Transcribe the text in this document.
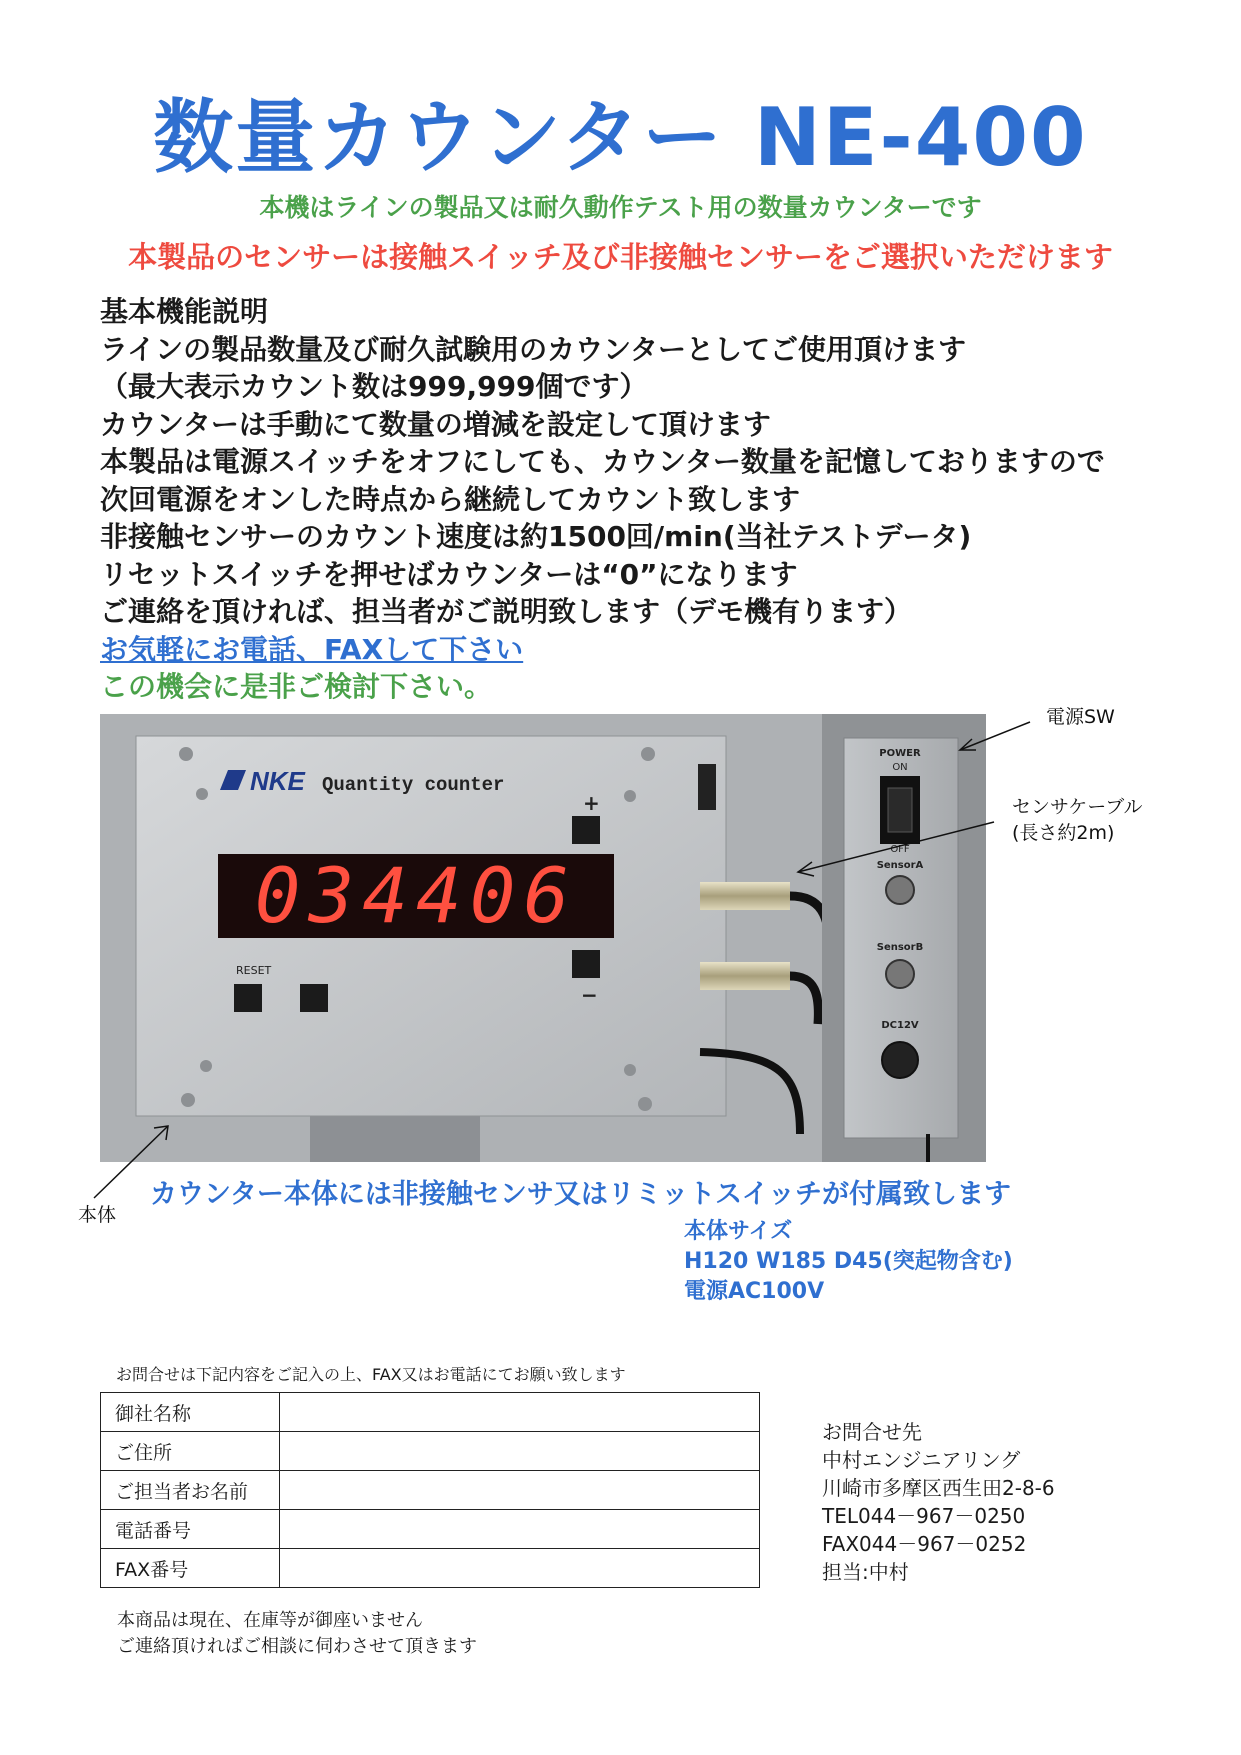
数量カウンター NE-400
本機はラインの製品又は耐久動作テスト用の数量カウンターです
本製品のセンサーは接触スイッチ及び非接触センサーをご選択いただけます
基本機能説明
ラインの製品数量及び耐久試験用のカウンターとしてご使用頂けます
（最大表示カウント数は999,999個です）
カウンターは手動にて数量の増減を設定して頂けます
本製品は電源スイッチをオフにしても、カウンター数量を記憶しておりますので
次回電源をオンした時点から継続してカウント致します
非接触センサーのカウント速度は約1500回/min(当社テストデータ)
リセットスイッチを押せばカウンターは“0”になります
ご連絡を頂ければ、担当者がご説明致します（デモ機有ります）
お気軽にお電話、FAXして下さい
この機会に是非ご検討下さい。
NKE Quantity counter
034406
+
−
RESET
POWER
ON
OFF
SensorA
SensorB
DC12V
電源SW
センサケーブル
(長さ約2m)
本体
カウンター本体には非接触センサ又はリミットスイッチが付属致します
本体サイズ
H120 W185 D45(突起物含む)
電源AC100V
お問合せは下記内容をご記入の上、FAX又はお電話にてお願い致します
御社名称	
ご住所	
ご担当者お名前	
電話番号	
FAX番号	
お問合せ先
中村エンジニアリング
川崎市多摩区西生田2-8-6
TEL044－967－0250
FAX044－967－0252
担当:中村
本商品は現在、在庫等が御座いません
ご連絡頂ければご相談に伺わさせて頂きます
